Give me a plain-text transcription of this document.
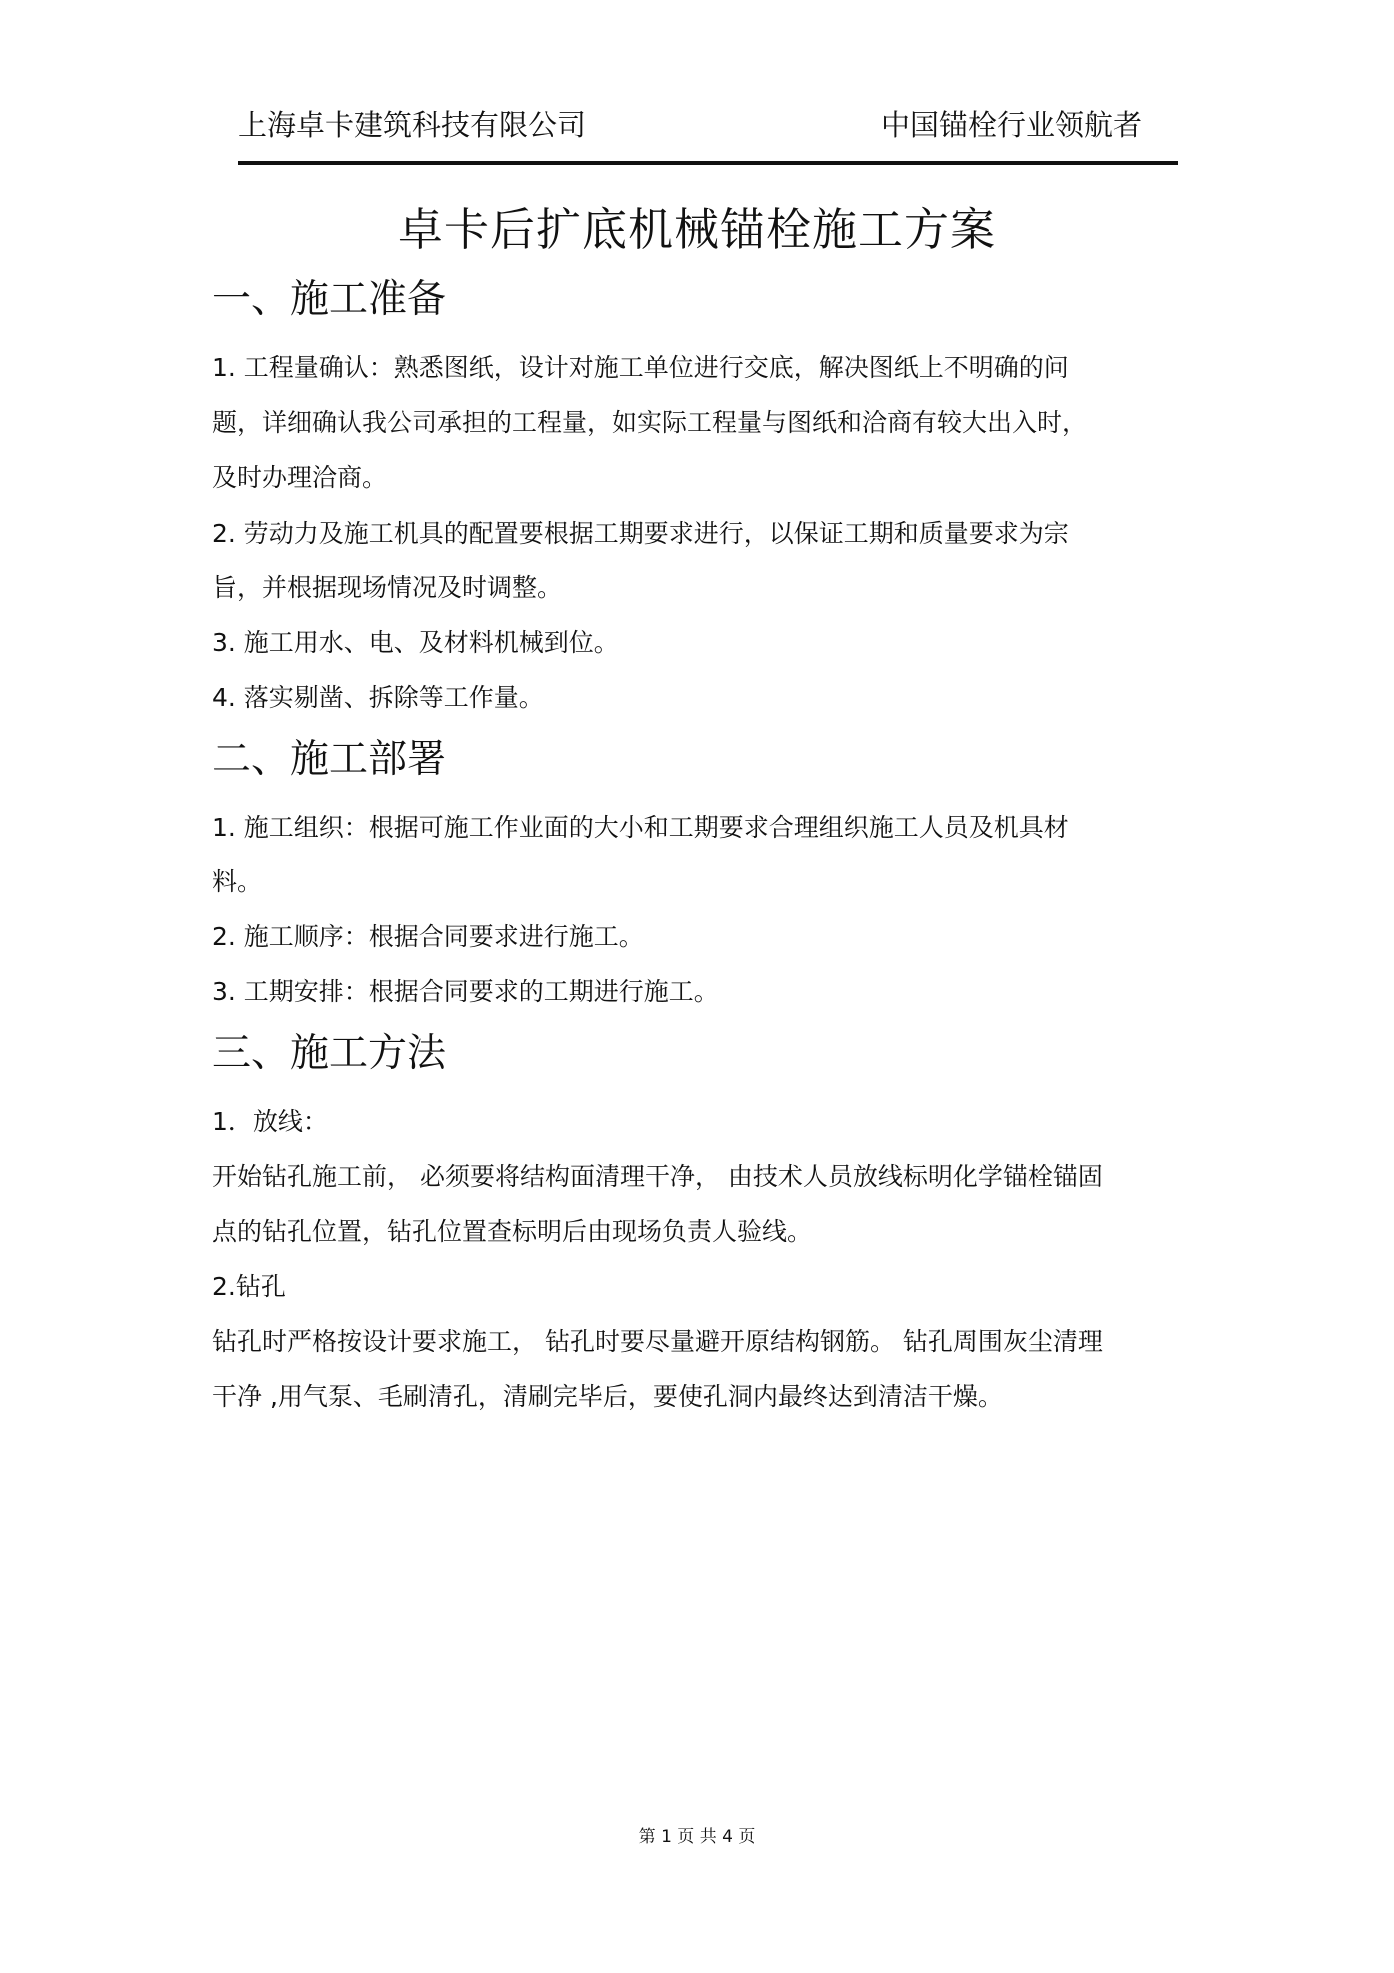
上海卓卡建筑科技有限公司	中国锚栓行业领航者
卓卡后扩底机械锚栓施工方案
一、施工准备
1. 工程量确认：熟悉图纸，设计对施工单位进行交底，解决图纸上不明确的问
题，详细确认我公司承担的工程量，如实际工程量与图纸和洽商有较大出入时，
及时办理洽商。
2. 劳动力及施工机具的配置要根据工期要求进行，以保证工期和质量要求为宗
旨，并根据现场情况及时调整。
3. 施工用水、电、及材料机械到位。
4. 落实剔凿、拆除等工作量。
二、施工部署
1. 施工组织：根据可施工作业面的大小和工期要求合理组织施工人员及机具材
料。
2. 施工顺序：根据合同要求进行施工。
3. 工期安排：根据合同要求的工期进行施工。
三、施工方法
1．放线：
开始钻孔施工前， 必须要将结构面清理干净， 由技术人员放线标明化学锚栓锚固
点的钻孔位置，钻孔位置查标明后由现场负责人验线。
2.钻孔
钻孔时严格按设计要求施工， 钻孔时要尽量避开原结构钢筋。 钻孔周围灰尘清理
干净 ,用气泵、毛刷清孔，清刷完毕后，要使孔洞内最终达到清洁干燥。
第 1 页 共 4 页
